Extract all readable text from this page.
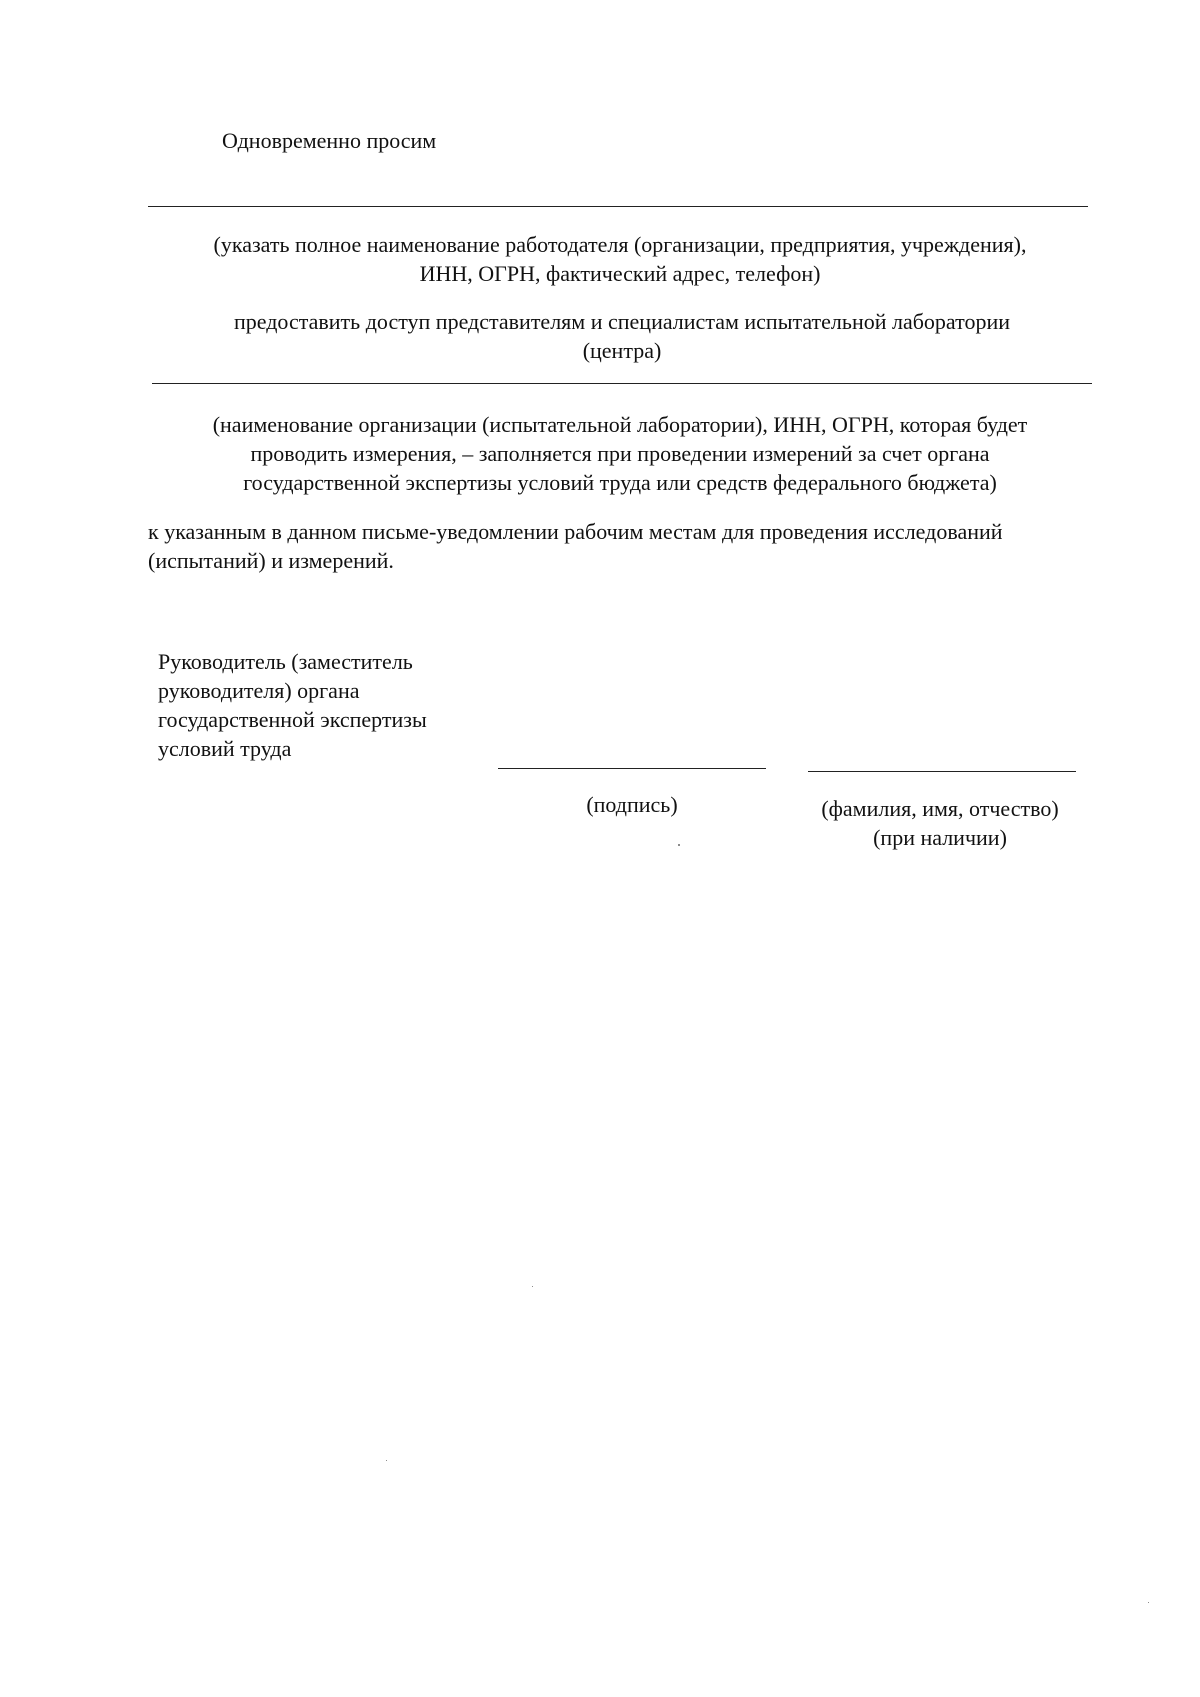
Одновременно просим
(указать полное наименование работодателя (организации, предприятия, учреждения),
ИНН, ОГРН, фактический адрес, телефон)
предоставить доступ представителям и специалистам испытательной лаборатории
(центра)
(наименование организации (испытательной лаборатории), ИНН, ОГРН, которая будет
проводить измерения, – заполняется при проведении измерений за счет органа
государственной экспертизы условий труда или средств федерального бюджета)
к указанным в данном письме-уведомлении рабочим местам для проведения исследований
(испытаний) и измерений.
Руководитель (заместитель
руководителя) органа
государственной экспертизы
условий труда
(подпись)	(фамилия, имя, отчество)
(при наличии)
